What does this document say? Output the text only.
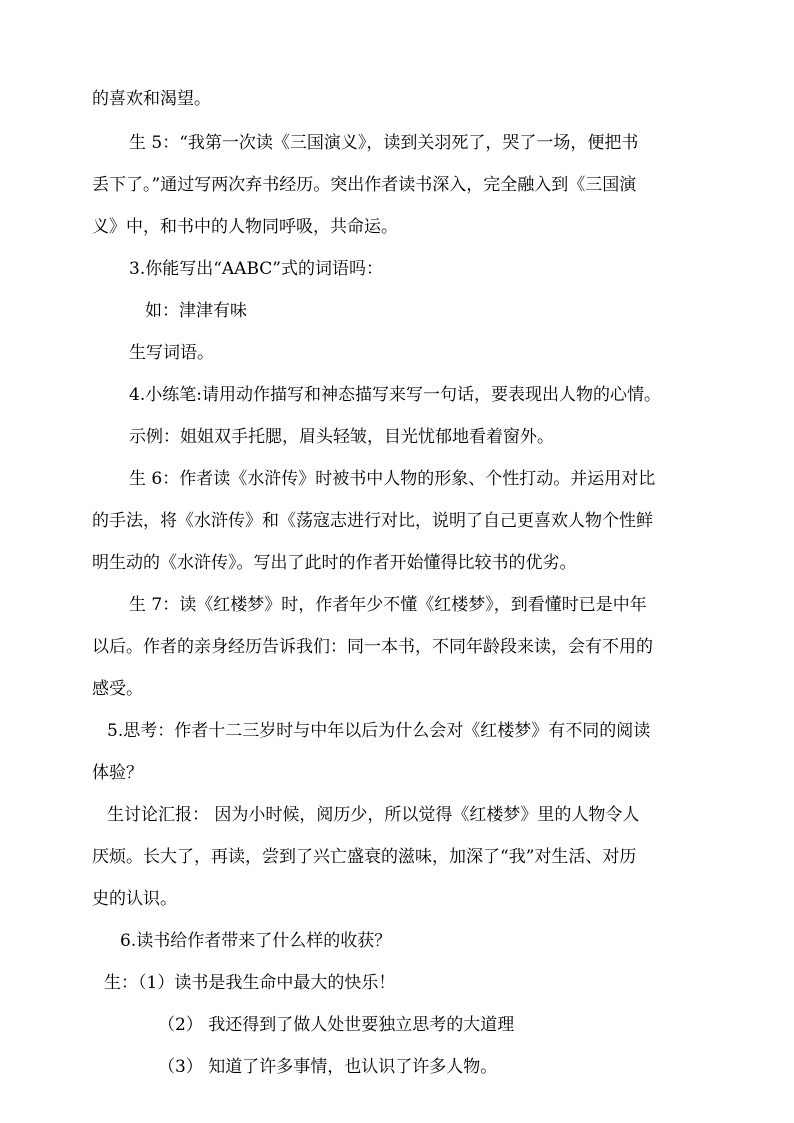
的喜欢和渴望。

生 5：“我第一次读《三国演义》，读到关羽死了，哭了一场，便把书

丢下了。”通过写两次弃书经历。突出作者读书深入，完全融入到《三国演

义》中，和书中的人物同呼吸，共命运。

3.你能写出“AABC”式的词语吗：

如：津津有味

生写词语。

4.小练笔:请用动作描写和神态描写来写一句话，要表现出人物的心情。

示例：姐姐双手托腮，眉头轻皱，目光忧郁地看着窗外。

生 6：作者读《水浒传》时被书中人物的形象、个性打动。并运用对比

的手法，将《水浒传》和《荡寇志进行对比，说明了自己更喜欢人物个性鲜

明生动的《水浒传》。写出了此时的作者开始懂得比较书的优劣。

生 7：读《红楼梦》时，作者年少不懂《红楼梦》，到看懂时已是中年

以后。作者的亲身经历告诉我们：同一本书，不同年龄段来读，会有不用的

感受。

5.思考：作者十二三岁时与中年以后为什么会对《红楼梦》有不同的阅读

体验？

生讨论汇报： 因为小时候，阅历少，所以觉得《红楼梦》里的人物令人

厌烦。长大了，再读，尝到了兴亡盛衰的滋味，加深了“我”对生活、对历

史的认识。

6.读书给作者带来了什么样的收获？

生：（1）读书是我生命中最大的快乐！

（2） 我还得到了做人处世要独立思考的大道理

（3） 知道了许多事情，也认识了许多人物。
